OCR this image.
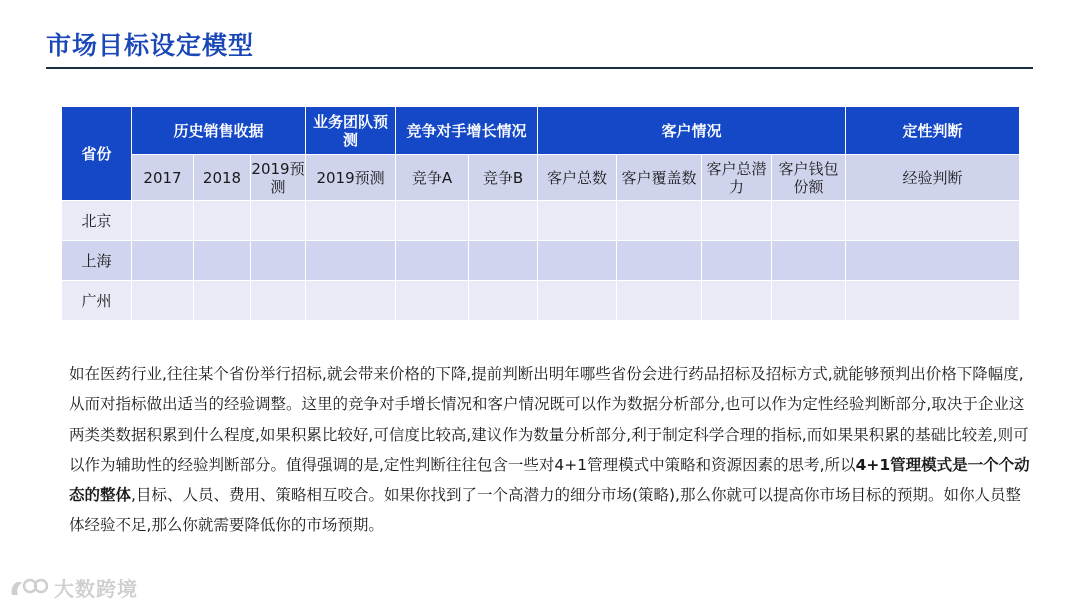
市场目标设定模型
省份	历史销售收据			业务团队预测	竞争对手增长情况		客户情况				定性判断
	2017	2018	2019预测	2019预测	竞争A	竞争B	客户总数	客户覆盖数	客户总潜力	客户钱包份额	经验判断
北京											
上海											
广州											
如在医药行业,往往某个省份举行招标,就会带来价格的下降,提前判断出明年哪些省份会进行药品招标及招标方式,就能够预判出价格下降幅度,从而对指标做出适当的经验调整。这里的竞争对手增长情况和客户情况既可以作为数据分析部分,也可以作为定性经验判断部分,取决于企业这两类类数据积累到什么程度,如果积累比较好,可信度比较高,建议作为数量分析部分,利于制定科学合理的指标,而如果果积累的基础比较差,则可以作为辅助性的经验判断部分。值得强调的是,定性判断往往包含一些对4+1管理模式中策略和资源因素的思考,所以4+1管理模式是一个个动态的整体,目标、人员、费用、策略相互咬合。如果你找到了一个高潜力的细分市场(策略),那么你就可以提高你市场目标的预期。如你人员整体经验不足,那么你就需要降低你的市场预期。
大数跨境
